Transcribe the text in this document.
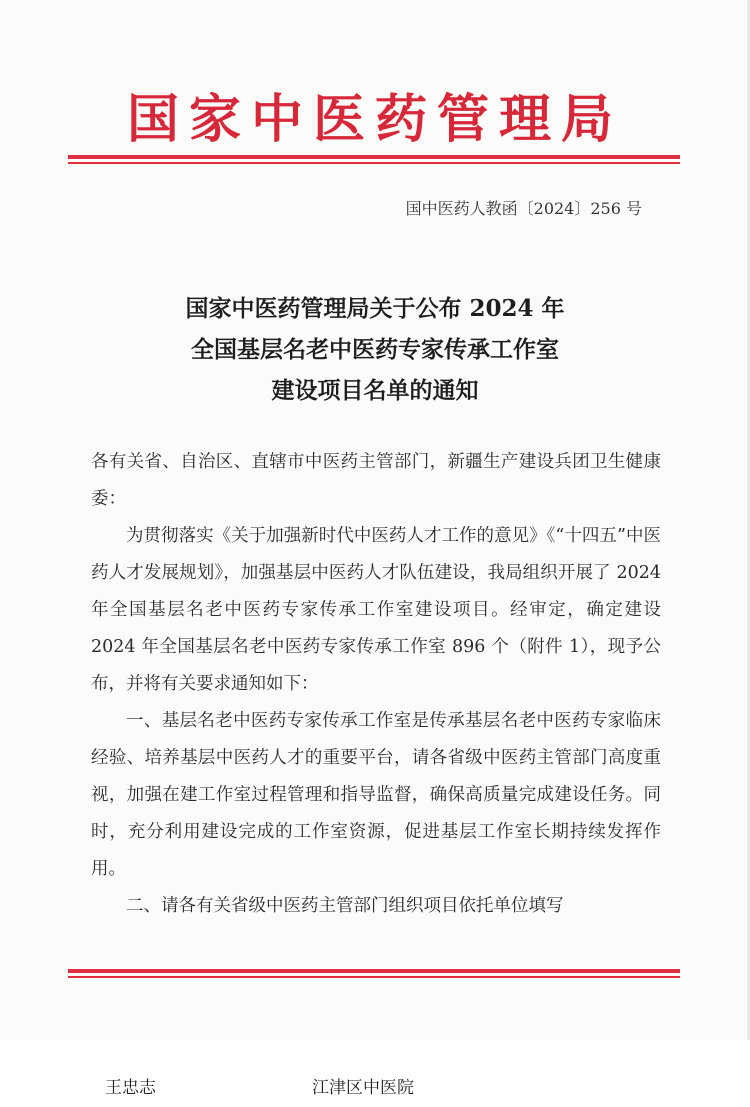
国家中医药管理局
国中医药人教函〔2024〕256 号
国家中医药管理局关于公布 2024 年
全国基层名老中医药专家传承工作室
建设项目名单的通知

各有关省、自治区、直辖市中医药主管部门，新疆生产建设兵团卫生健康委：

为贯彻落实《关于加强新时代中医药人才工作的意见》《“十四五”中医药人才发展规划》，加强基层中医药人才队伍建设，我局组织开展了 2024 年全国基层名老中医药专家传承工作室建设项目。经审定，确定建设 2024 年全国基层名老中医药专家传承工作室 896 个（附件 1），现予公布，并将有关要求通知如下：

一、基层名老中医药专家传承工作室是传承基层名老中医药专家临床经验、培养基层中医药人才的重要平台，请各省级中医药主管部门高度重视，加强在建工作室过程管理和指导监督，确保高质量完成建设任务。同时，充分利用建设完成的工作室资源，促进基层工作室长期持续发挥作用。

二、请各有关省级中医药主管部门组织项目依托单位填写

王忠志	江津区中医院
